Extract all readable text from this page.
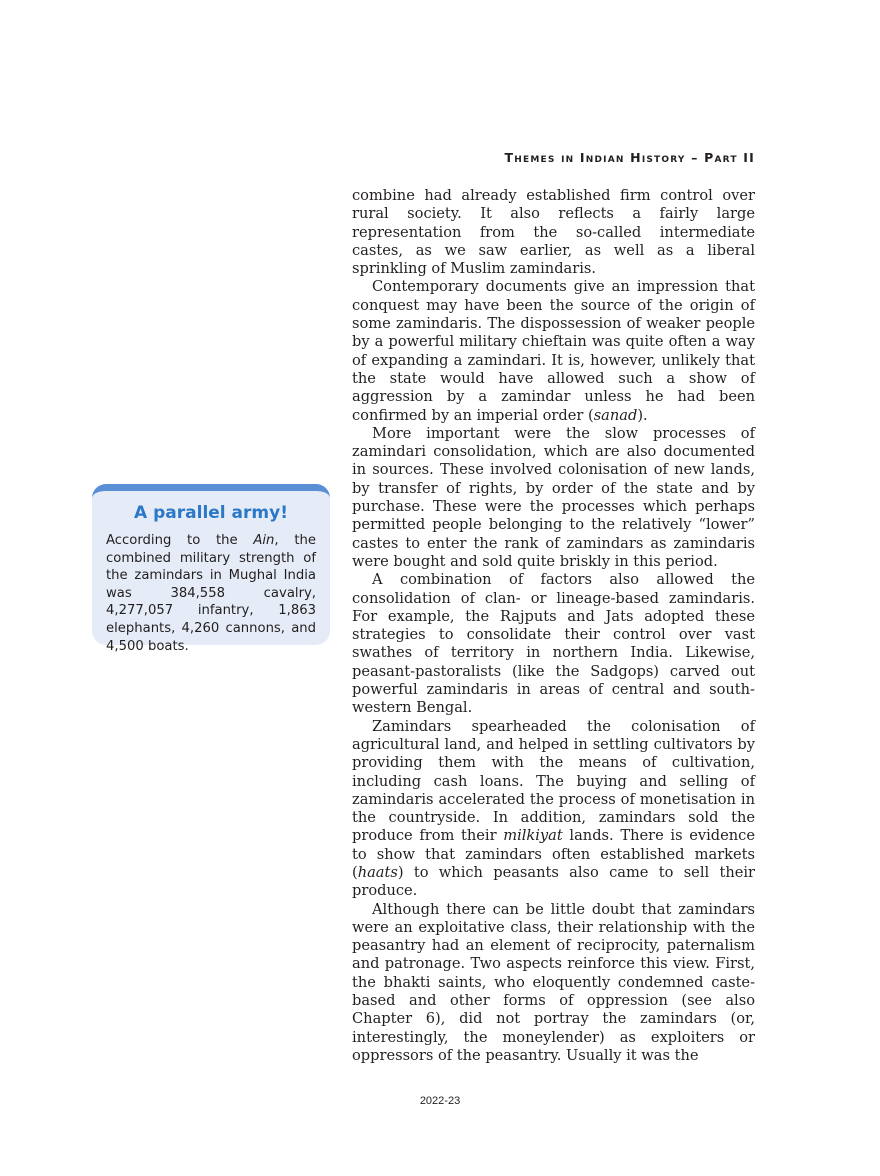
Themes in Indian History – Part II
A parallel army!
According to the Ain, the combined military strength of the zamindars in Mughal India was 384,558 cavalry, 4,277,057 infantry, 1,863 elephants, 4,260 cannons, and 4,500 boats.

combine had already established firm control over rural society. It also reflects a fairly large representation from the so-called intermediate castes, as we saw earlier, as well as a liberal sprinkling of Muslim zamindaris.

Contemporary documents give an impression that conquest may have been the source of the origin of some zamindaris. The dispossession of weaker people by a powerful military chieftain was quite often a way of expanding a zamindari. It is, however, unlikely that the state would have allowed such a show of aggression by a zamindar unless he had been confirmed by an imperial order (sanad).

More important were the slow processes of zamindari consolidation, which are also documented in sources. These involved colonisation of new lands, by transfer of rights, by order of the state and by purchase. These were the processes which perhaps permitted people belonging to the relatively “lower” castes to enter the rank of zamindars as zamindaris were bought and sold quite briskly in this period.

A combination of factors also allowed the consolidation of clan- or lineage-based zamindaris. For example, the Rajputs and Jats adopted these strategies to consolidate their control over vast swathes of territory in northern India. Likewise, peasant-pastoralists (like the Sadgops) carved out powerful zamindaris in areas of central and south-western Bengal.

Zamindars spearheaded the colonisation of agricultural land, and helped in settling cultivators by providing them with the means of cultivation, including cash loans. The buying and selling of zamindaris accelerated the process of monetisation in the countryside. In addition, zamindars sold the produce from their milkiyat lands. There is evidence to show that zamindars often established markets (haats) to which peasants also came to sell their produce.

Although there can be little doubt that zamindars were an exploitative class, their relationship with the peasantry had an element of reciprocity, paternalism and patronage. Two aspects reinforce this view. First, the bhakti saints, who eloquently condemned caste-based and other forms of oppression (see also Chapter 6), did not portray the zamindars (or, interestingly, the moneylender) as exploiters or oppressors of the peasantry. Usually it was the

2022-23
